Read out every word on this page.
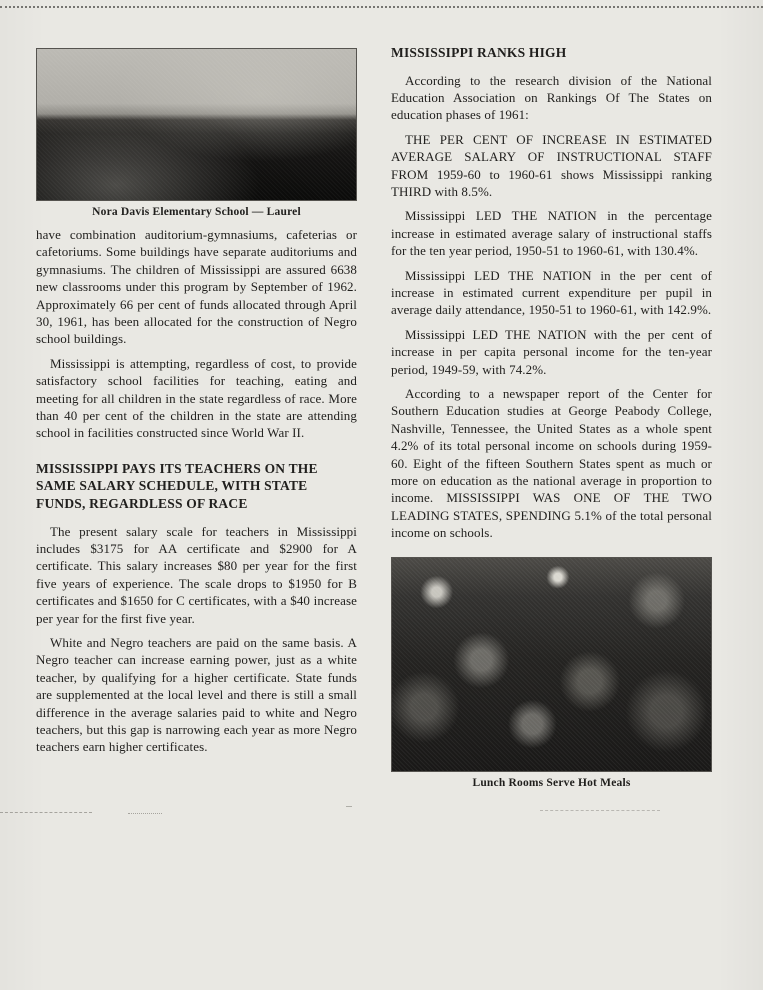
Nora Davis Elementary School — Laurel

have combination auditorium-gymnasiums, cafeterias or cafetoriums. Some buildings have separate auditoriums and gymnasiums. The children of Mississippi are assured 6638 new classrooms under this program by September of 1962. Approximately 66 per cent of funds allocated through April 30, 1961, has been allocated for the construction of Negro school buildings.

Mississippi is attempting, regardless of cost, to provide satisfactory school facilities for teaching, eating and meeting for all children in the state regardless of race. More than 40 per cent of the children in the state are attending school in facilities constructed since World War II.

MISSISSIPPI PAYS ITS TEACHERS ON THE SAME SALARY SCHEDULE, WITH STATE FUNDS, REGARDLESS OF RACE

The present salary scale for teachers in Mississippi includes $3175 for AA certificate and $2900 for A certificate. This salary increases $80 per year for the first five years of experience. The scale drops to $1950 for B certificates and $1650 for C certificates, with a $40 increase per year for the first five year.

White and Negro teachers are paid on the same basis. A Negro teacher can increase earning power, just as a white teacher, by qualifying for a higher certificate. State funds are supplemented at the local level and there is still a small difference in the average salaries paid to white and Negro teachers, but this gap is narrowing each year as more Negro teachers earn higher certificates.

MISSISSIPPI RANKS HIGH

According to the research division of the National Education Association on Rankings Of The States on education phases of 1961:

THE PER CENT OF INCREASE IN ESTIMATED AVERAGE SALARY OF INSTRUCTIONAL STAFF FROM 1959-60 to 1960-61 shows Mississippi ranking THIRD with 8.5%.

Mississippi LED THE NATION in the percentage increase in estimated average salary of instructional staffs for the ten year period, 1950-51 to 1960-61, with 130.4%.

Mississippi LED THE NATION in the per cent of increase in estimated current expenditure per pupil in average daily attendance, 1950-51 to 1960-61, with 142.9%.

Mississippi LED THE NATION with the per cent of increase in per capita personal income for the ten-year period, 1949-59, with 74.2%.

According to a newspaper report of the Center for Southern Education studies at George Peabody College, Nashville, Tennessee, the United States as a whole spent 4.2% of its total personal income on schools during 1959-60. Eight of the fifteen Southern States spent as much or more on education as the national average in proportion to income. MISSISSIPPI WAS ONE OF THE TWO LEADING STATES, SPENDING 5.1% of the total personal income on schools.

Lunch Rooms Serve Hot Meals
